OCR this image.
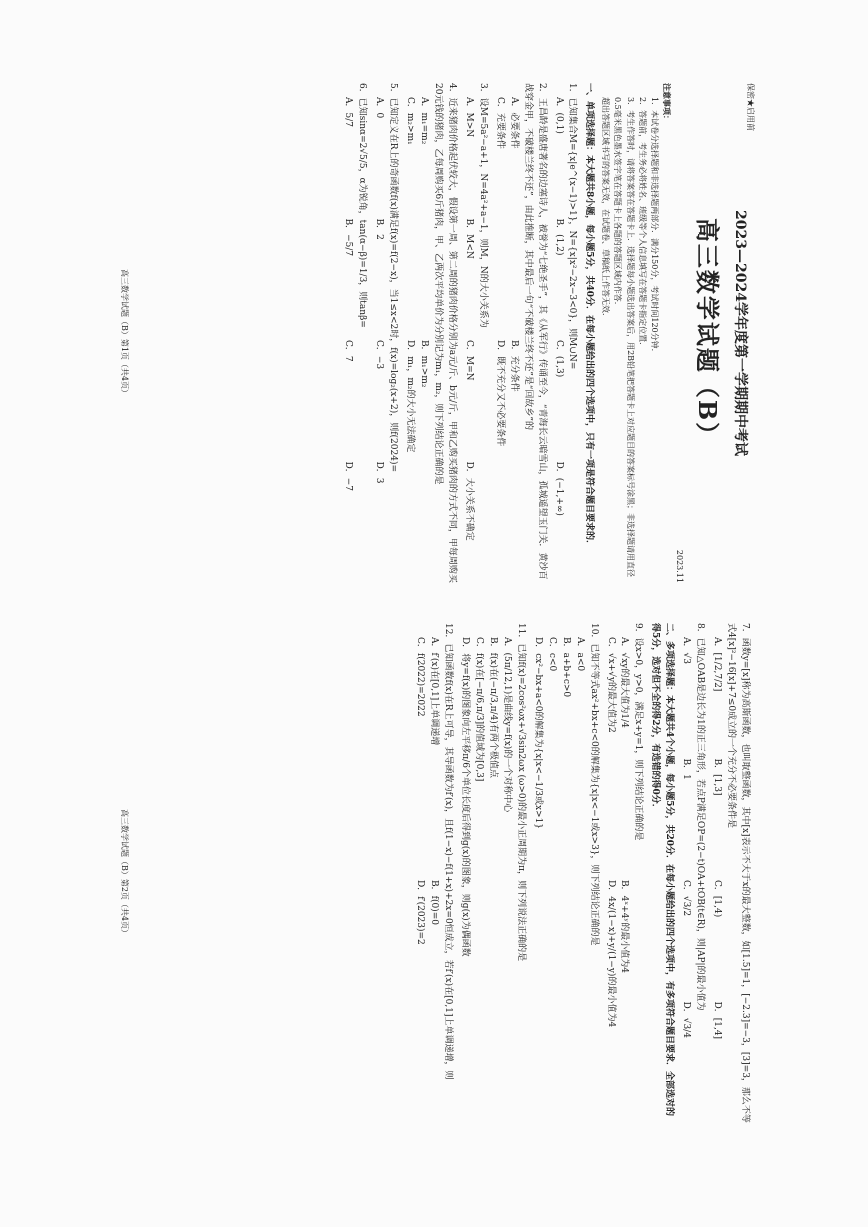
保密★启用前

2023—2024学年度第一学期期中考试

高三数学试题（B）

2023.11

注意事项：

1．本试卷分选择题和非选择题两部分．满分150分，考试时间120分钟．

2．答题前，考生务必将姓名、班级等个人信息填写在答题卡指定位置．

3．考生作答时，请将答案答在答题卡上．选择题每小题选出答案后，用2B铅笔把答题卡上对应题目的答案标号涂黑；非选择题请用直径0.5毫米黑色墨水签字笔在答题卡上各题的答题区域内作答．

超出答题区域书写的答案无效，在试题卷、草稿纸上作答无效．

一、单项选择题：本大题共8小题，每小题5分，共40分．在每小题给出的四个选项中，只有一项是符合题目要求的．

1．已知集合M={x|e^(x−1)>1}，N={x|x²−2x−3<0}，则M∪N=

A．(0,1)
B．(1,2)
C．(1,3)
D．(−1,+∞)

2．王昌龄是盛唐著名的边塞诗人，被誉为“七绝圣手”，其《从军行》传诵至今，“青海长云暗雪山，孤城遥望玉门关．黄沙百战穿金甲，不破楼兰终不还”，由此推断，其中最后一句“不破楼兰终不还”是“回故乡”的

A．必要条件
B．充分条件
C．充要条件
D．既不充分又不必要条件

3．设M=5a²−a+1，N=4a²+a−1，则M，N的大小关系为

A．M>N
B．M<N
C．M=N
D．大小关系不确定

4．近来猪肉价格起伏较大，假设第一周、第二周的猪肉价格分别为a元/斤、b元/斤，甲和乙购买猪肉的方式不同，甲每周购买20元钱的猪肉，乙每周购买6斤猪肉，甲、乙两次平均单价为分别记为m₁，m₂，则下列结论正确的是

A．m₁=m₂
B．m₁>m₂
C．m₂>m₁
D．m₁，m₂的大小无法确定

5．已知定义在R上的奇函数f(x)满足f(x)=f(2−x)，当1≤x<2时，f(x)=log₂(x+2)，则f(2024)=

A．0
B．2
C．−3
D．3

6．已知sinα=2√5/5，α为锐角，tan(α−β)=1/3，则tanβ=

A．5/7
B．−5/7
C．7
D．−7
高三数学试题（B）第1页（共4页）

7．函数y=[x]称为高斯函数，也叫取整函数，其中[x]表示不大于x的最大整数，如[1.5]=1，[−2.3]=−3，[3]=3，那么不等式4[x]²−16[x]+7≤0成立的一个充分不必要条件是

A．[1/2,7/2]
B．[1,3]
C．[1,4)
D．[1,4]

8．已知△OAB是边长为1的正三角形，若点P满足OP=(2−t)OA+tOB(t∈R)，则|AP|的最小值为

A．√3
B．1
C．√3/2
D．√3/4

二、多项选择题：本大题共4个小题，每小题5分，共20分．在每小题给出的四个选项中，有多项符合题目要求．全部选对的得5分，选对但不全的得2分，有选错的得0分．

9．设x>0，y>0，满足x+y=1，则下列结论正确的是

A．√xy的最大值为1/4
B．4ˣ+4ʸ的最小值为4
C．√x+√y的最大值为2
D．4x/(1−x)+y/(1−y)的最小值为4

10．已知不等式ax²+bx+c<0的解集为{x|x<−1或x>3}，则下列结论正确的是

A．a<0

B．a+b+c>0

C．c<0

D．cx²−bx+a<0的解集为{x|x<−1/3或x>1}

11．已知f(x)=2cos²ωx+√3sin2ωx (ω>0)的最小正周期为π，则下列说法正确的是

A．(5π/12,1)是曲线y=f(x)的一个对称中心

B．f(x)在(−π/3,π/4)有两个极值点

C．f(x)在[−π/6,π/3]的值域为[0,3]

D．将y=f(x)的图象向左平移π/6个单位长度后得到g(x)的图象，则g(x)为偶函数

12．已知函数f(x)在R上可导，其导函数为f′(x)，且f(1−x)−f(1+x)+2x=0恒成立，若f′(x)在[0,1]上单调递增，则

A．f′(x)在[0,1]上单调递增
B．f(0)=0
C．f(2022)=2022
D．f′(2023)=2
高三数学试题（B）第2页（共4页）
